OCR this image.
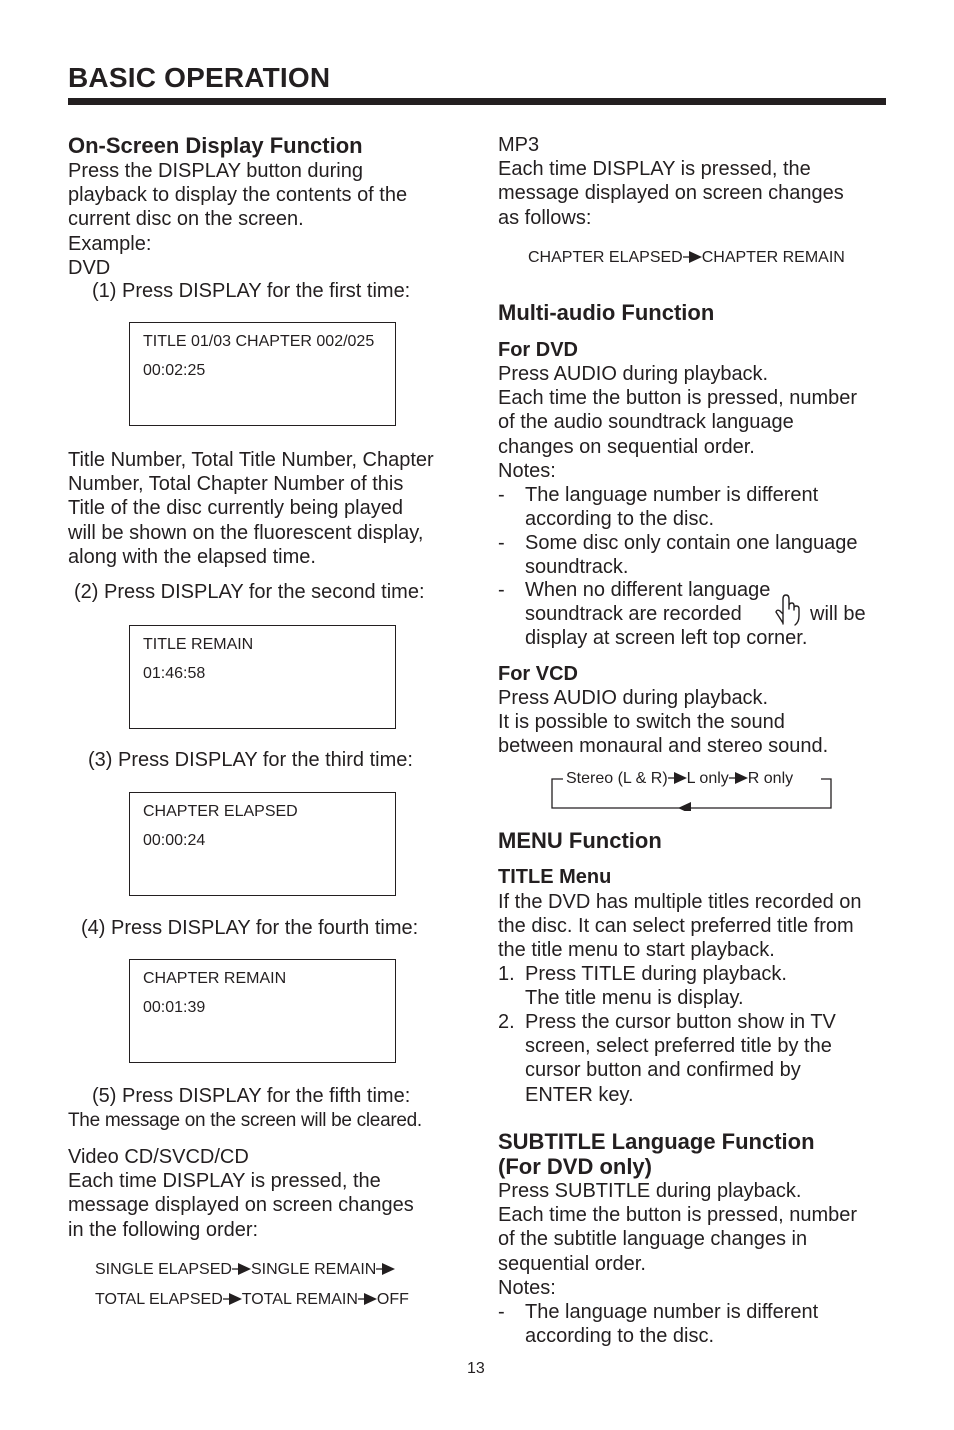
BASIC OPERATION
On-Screen Display Function
Press the DISPLAY button during
playback to display the contents of the
current disc on the screen.
Example:
DVD
(1) Press DISPLAY for the first time:
TITLE 01/03 CHAPTER 002/025
00:02:25
Title Number, Total Title Number, Chapter
Number, Total Chapter Number of this
Title of the disc currently being played
will be shown on the fluorescent display,
along with the elapsed time.
(2) Press DISPLAY for the second time:
TITLE REMAIN
01:46:58
(3) Press DISPLAY for the third time:
CHAPTER ELAPSED
00:00:24
(4) Press DISPLAY for the fourth time:
CHAPTER REMAIN
00:01:39
(5) Press DISPLAY for the fifth time:
The message on the screen will be cleared.
Video CD/SVCD/CD
Each time DISPLAY is pressed, the
message displayed on screen changes
in the following order:
SINGLE ELAPSED SINGLE REMAIN
TOTAL ELAPSED TOTAL REMAIN OFF
MP3
Each time DISPLAY is pressed, the
message displayed on screen changes
as follows:
CHAPTER ELAPSED CHAPTER REMAIN
Multi-audio Function
For DVD
Press AUDIO during playback.
Each time the button is pressed, number
of the audio soundtrack language
changes on sequential order.
Notes:
- The language number is different
according to the disc.
- Some disc only contain one language
soundtrack.
- When no different language
soundtrack are recorded	will be
display at screen left top corner.
For VCD
Press AUDIO during playback.
It is possible to switch the sound
between monaural and stereo sound.
Stereo (L & R) L only R only
MENU Function
TITLE Menu
If the DVD has multiple titles recorded on
the disc. It can select preferred title from
the title menu to start playback.
1. Press TITLE during playback.
The title menu is display.
2. Press the cursor button show in TV
screen, select preferred title by the
cursor button and confirmed by
ENTER key.
SUBTITLE Language Function
(For DVD only)
Press SUBTITLE during playback.
Each time the button is pressed, number
of the subtitle language changes in
sequential order.
Notes:
- The language number is different
according to the disc.
13
